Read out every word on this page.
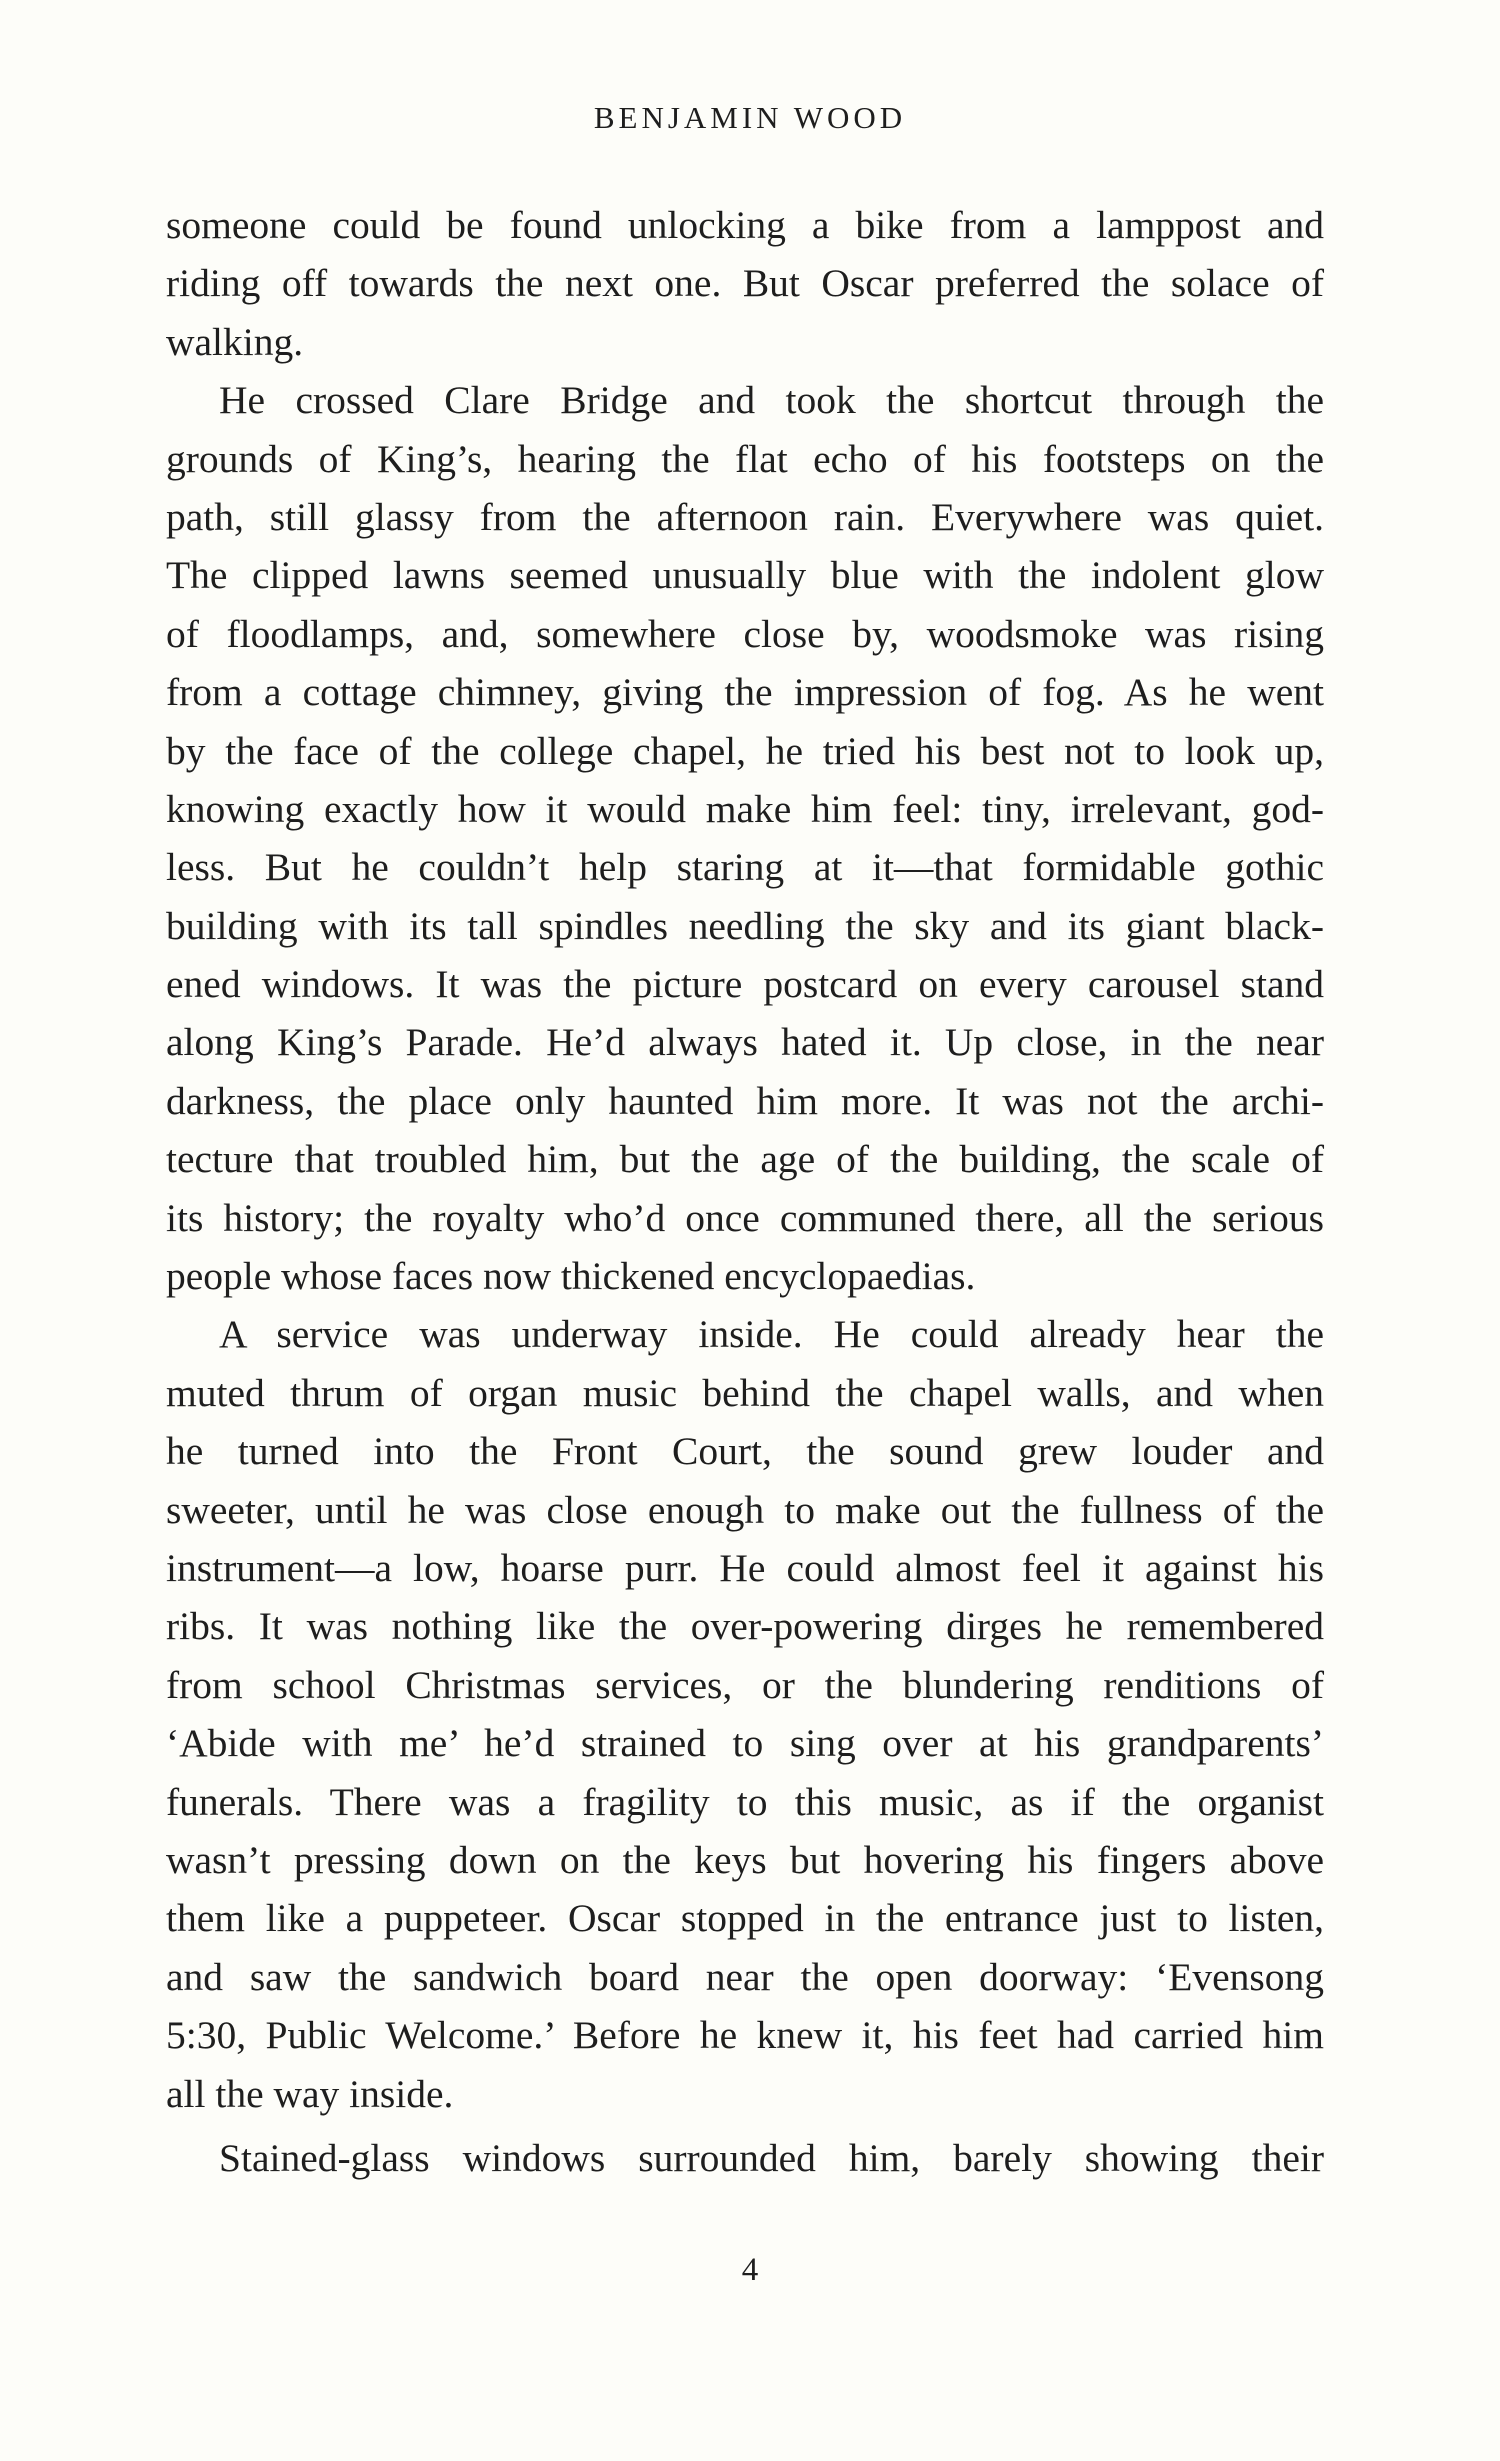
BENJAMIN WOOD
someone could be found unlocking a bike from a lamppost and
riding off towards the next one. But Oscar preferred the solace of
walking.
He crossed Clare Bridge and took the shortcut through the
grounds of King’s, hearing the flat echo of his footsteps on the
path, still glassy from the afternoon rain. Everywhere was quiet.
The clipped lawns seemed unusually blue with the indolent glow
of floodlamps, and, somewhere close by, woodsmoke was rising
from a cottage chimney, giving the impression of fog. As he went
by the face of the college chapel, he tried his best not to look up,
knowing exactly how it would make him feel: tiny, irrelevant, god-
less. But he couldn’t help staring at it—that formidable gothic
building with its tall spindles needling the sky and its giant black-
ened windows. It was the picture postcard on every carousel stand
along King’s Parade. He’d always hated it. Up close, in the near
darkness, the place only haunted him more. It was not the archi-
tecture that troubled him, but the age of the building, the scale of
its history; the royalty who’d once communed there, all the serious
people whose faces now thickened encyclopaedias.
A service was underway inside. He could already hear the
muted thrum of organ music behind the chapel walls, and when
he turned into the Front Court, the sound grew louder and
sweeter, until he was close enough to make out the fullness of the
instrument—a low, hoarse purr. He could almost feel it against his
ribs. It was nothing like the over-powering dirges he remembered
from school Christmas services, or the blundering renditions of
‘Abide with me’ he’d strained to sing over at his grandparents’
funerals. There was a fragility to this music, as if the organist
wasn’t pressing down on the keys but hovering his fingers above
them like a puppeteer. Oscar stopped in the entrance just to listen,
and saw the sandwich board near the open doorway: ‘Evensong
5:30, Public Welcome.’ Before he knew it, his feet had carried him
all the way inside.
Stained-glass windows surrounded him, barely showing their
4
